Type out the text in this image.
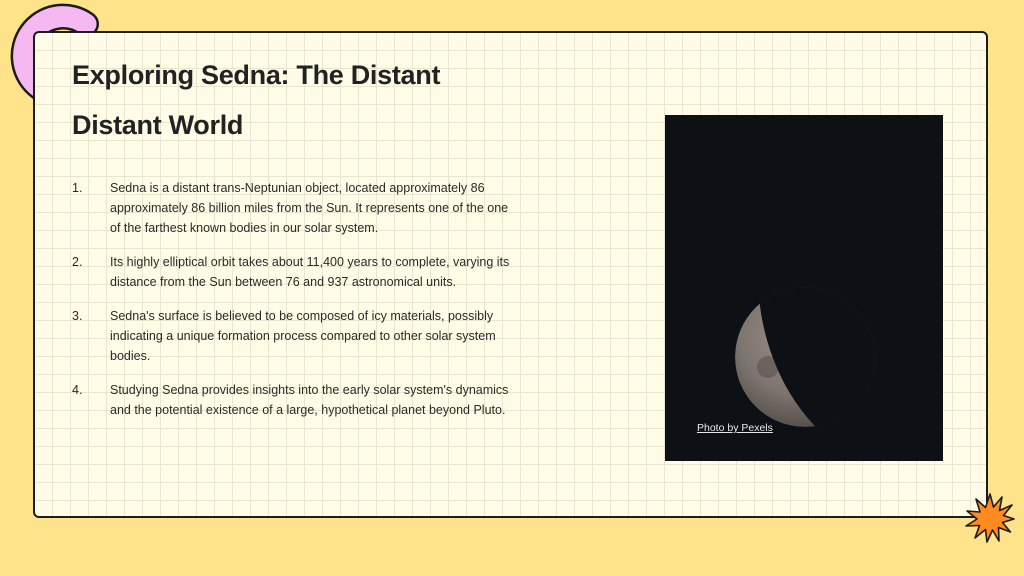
Exploring Sedna: The Distant Distant World
1. Sedna is a distant trans-Neptunian object, located approximately 86 approximately 86 billion miles from the Sun. It represents one of the one of the farthest known bodies in our solar system.
2. Its highly elliptical orbit takes about 11,400 years to complete, varying its distance from the Sun between 76 and 937 astronomical units.
3. Sedna's surface is believed to be composed of icy materials, possibly indicating a unique formation process compared to other solar system bodies.
4. Studying Sedna provides insights into the early solar system's dynamics and the potential existence of a large, hypothetical planet beyond Pluto.
Photo by Pexels
